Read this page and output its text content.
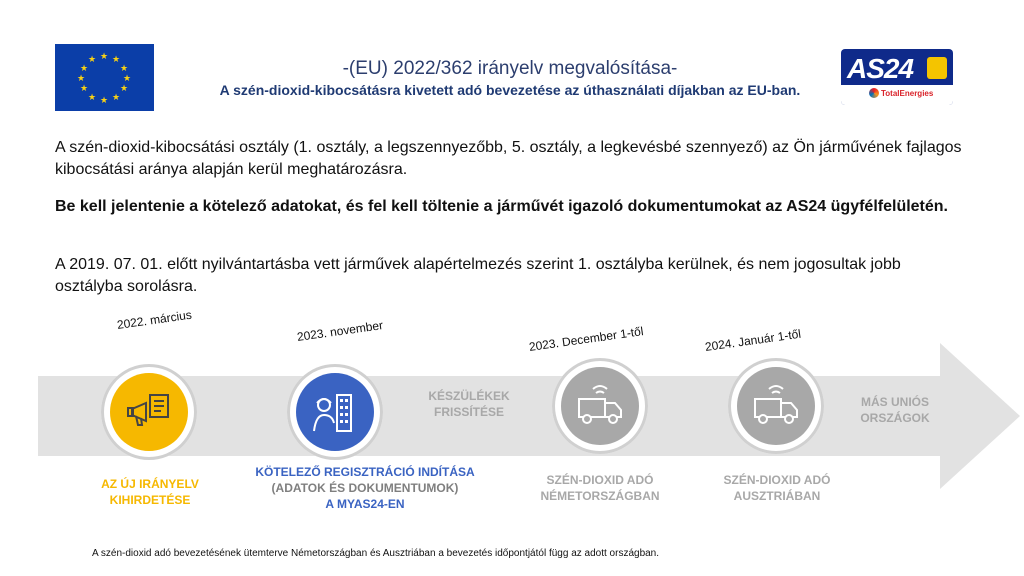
★ ★
★
★
★
★
★
★
★
★
★
★	-(EU) 2022/362 irányelv megvalósítása-
A szén-dioxid-kibocsátásra kivetett adó bevezetése az úthasználati díjakban az EU-ban.
AS24
TotalEnergies
A szén-dioxid-kibocsátási osztály (1. osztály, a legszennyezőbb, 5. osztály, a legkevésbé szennyező) az Ön járművének fajlagos kibocsátási aránya alapján kerül meghatározásra.
Be kell jelentenie a kötelező adatokat, és fel kell töltenie a járművét igazoló dokumentumokat az AS24 ügyfélfelületén.
A 2019. 07. 01. előtt nyilvántartásba vett járművek alapértelmezés szerint 1. osztályba kerülnek, és nem jogosultak jobb osztályba sorolásra.
2022. március
AZ ÚJ IRÁNYELV
KIHIRDETÉSE
2023. november
KÖTELEZŐ REGISZTRÁCIÓ INDÍTÁSA
(ADATOK ÉS DOKUMENTUMOK)
A MYAS24-EN
KÉSZÜLÉKEK
FRISSÍTÉSE
2023. December 1-től
SZÉN-DIOXID ADÓ
NÉMETORSZÁGBAN
2024. Január 1-től
SZÉN-DIOXID ADÓ
AUSZTRIÁBAN
MÁS UNIÓS
ORSZÁGOK
A szén-dioxid adó bevezetésének ütemterve Németországban és Ausztriában a bevezetés időpontjától függ az adott országban.
